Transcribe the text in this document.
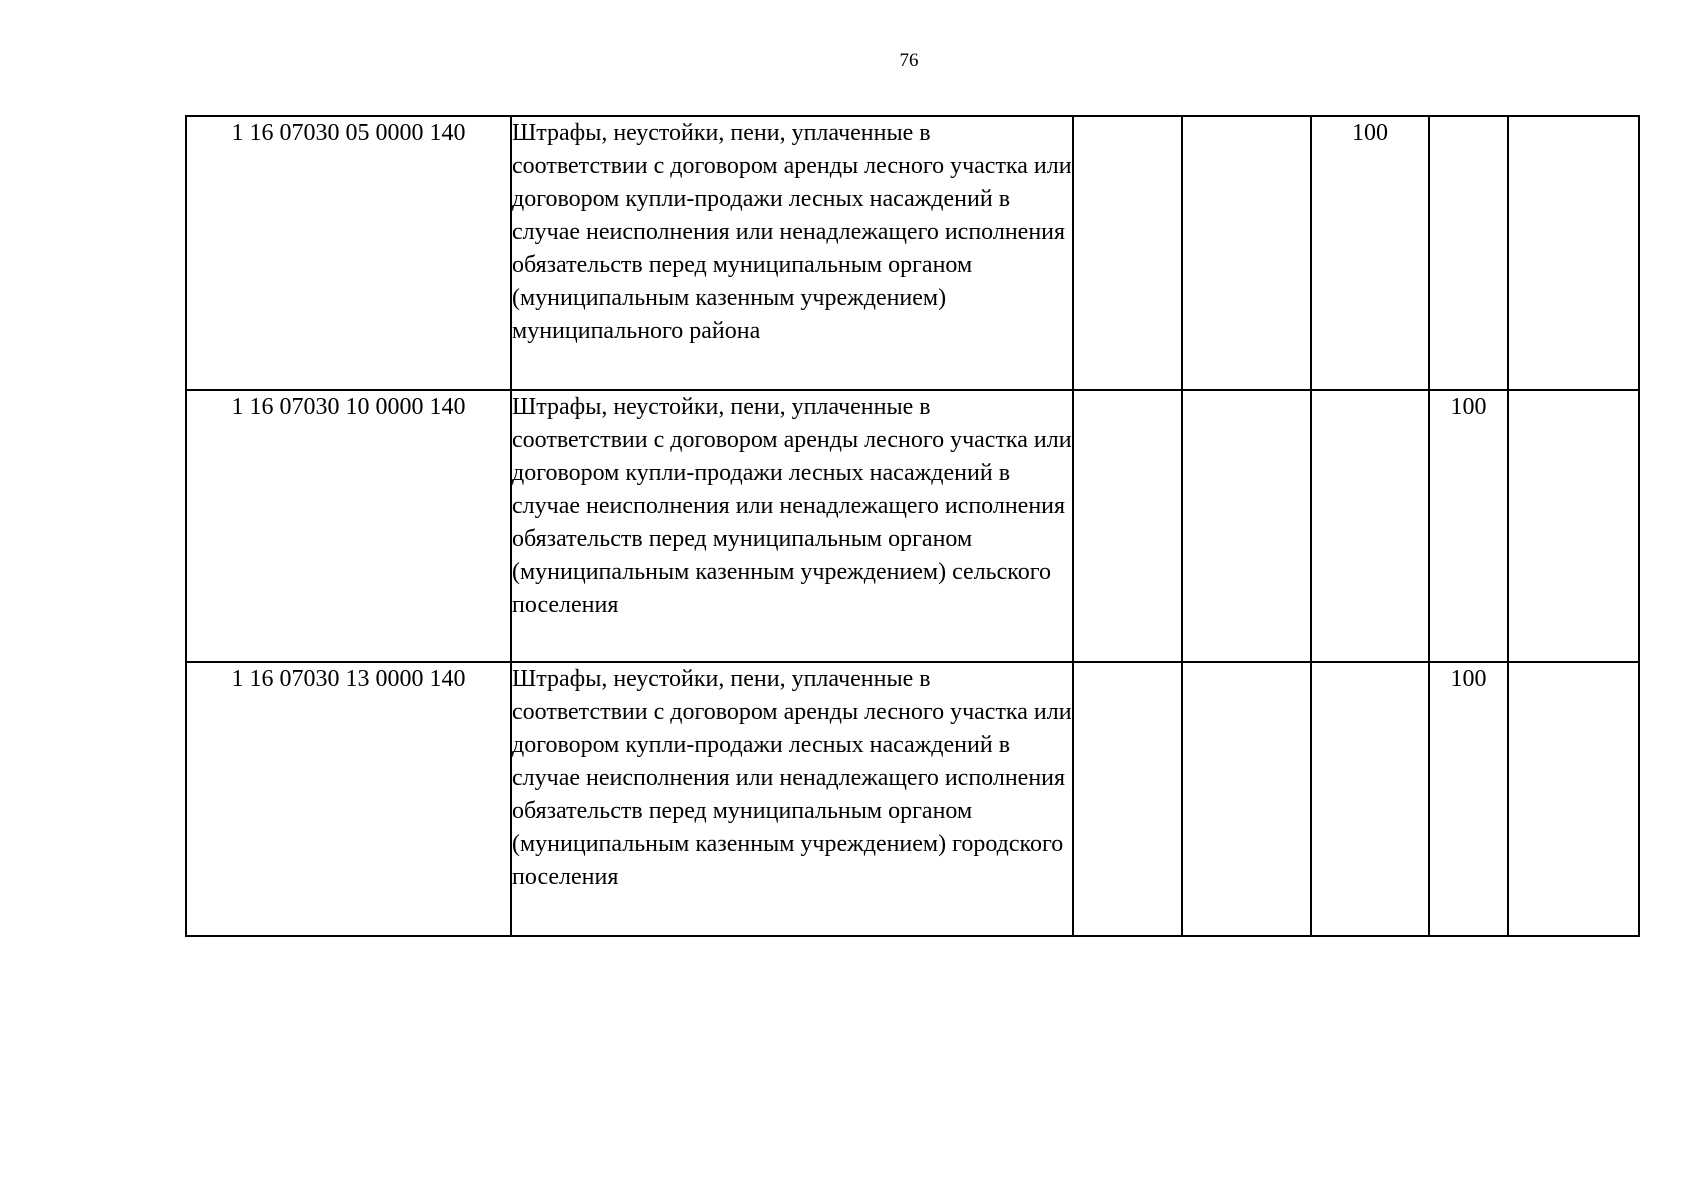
76
1 16 07030 05 0000 140	Штрафы, неустойки, пени, уплаченные в соответствии с договором аренды лесного участка или договором купли-продажи лесных насаждений в случае неисполнения или ненадлежащего исполнения обязательств перед муниципальным органом (муниципальным казенным учреждением) муниципального района			100		
1 16 07030 10 0000 140	Штрафы, неустойки, пени, уплаченные в соответствии с договором аренды лесного участка или договором купли-продажи лесных насаждений в случае неисполнения или ненадлежащего исполнения обязательств перед муниципальным органом (муниципальным казенным учреждением) сельского поселения				100	
1 16 07030 13 0000 140	Штрафы, неустойки, пени, уплаченные в соответствии с договором аренды лесного участка или договором купли-продажи лесных насаждений в случае неисполнения или ненадлежащего исполнения обязательств перед муниципальным органом (муниципальным казенным учреждением) городского поселения				100	
